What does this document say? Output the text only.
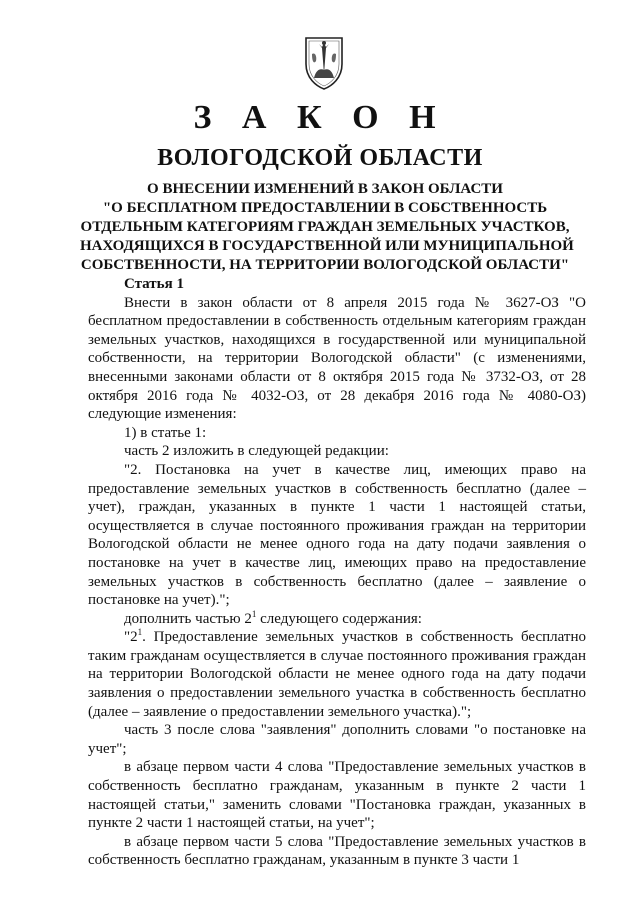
З А К О Н
ВОЛОГОДСКОЙ ОБЛАСТИ
О ВНЕСЕНИИ ИЗМЕНЕНИЙ В ЗАКОН ОБЛАСТИ
"О БЕСПЛАТНОМ ПРЕДОСТАВЛЕНИИ В СОБСТВЕННОСТЬ
ОТДЕЛЬНЫМ КАТЕГОРИЯМ ГРАЖДАН ЗЕМЕЛЬНЫХ УЧАСТКОВ,
НАХОДЯЩИХСЯ В ГОСУДАРСТВЕННОЙ ИЛИ МУНИЦИПАЛЬНОЙ
СОБСТВЕННОСТИ, НА ТЕРРИТОРИИ ВОЛОГОДСКОЙ ОБЛАСТИ"

Статья 1

Внести в закон области от 8 апреля 2015 года № 3627-ОЗ "О бесплатном предоставлении в собственность отдельным категориям граждан земельных участков, находящихся в государственной или муниципальной собственности, на территории Вологодской области" (с изменениями, внесенными законами области от 8 октября 2015 года № 3732-ОЗ, от 28 октября 2016 года № 4032-ОЗ, от 28 декабря 2016 года № 4080-ОЗ) следующие изменения:

1) в статье 1:

часть 2 изложить в следующей редакции:

"2. Постановка на учет в качестве лиц, имеющих право на предоставление земельных участков в собственность бесплатно (далее – учет), граждан, указанных в пункте 1 части 1 настоящей статьи, осуществляется в случае постоянного проживания граждан на территории Вологодской области не менее одного года на дату подачи заявления о постановке на учет в качестве лиц, имеющих право на предоставление земельных участков в собственность бесплатно (далее – заявление о постановке на учет).";

дополнить частью $2^1$ следующего содержания:

"$2^1$. Предоставление земельных участков в собственность бесплатно таким гражданам осуществляется в случае постоянного проживания граждан на территории Вологодской области не менее одного года на дату подачи заявления о предоставлении земельного участка в собственность бесплатно (далее – заявление о предоставлении земельного участка).";

часть 3 после слова "заявления" дополнить словами "о постановке на учет";

в абзаце первом части 4 слова "Предоставление земельных участков в собственность бесплатно гражданам, указанным в пункте 2 части 1 настоящей статьи," заменить словами "Постановка граждан, указанных в пункте 2 части 1 настоящей статьи, на учет";

в абзаце первом части 5 слова "Предоставление земельных участков в собственность бесплатно гражданам, указанным в пункте 3 части 1
